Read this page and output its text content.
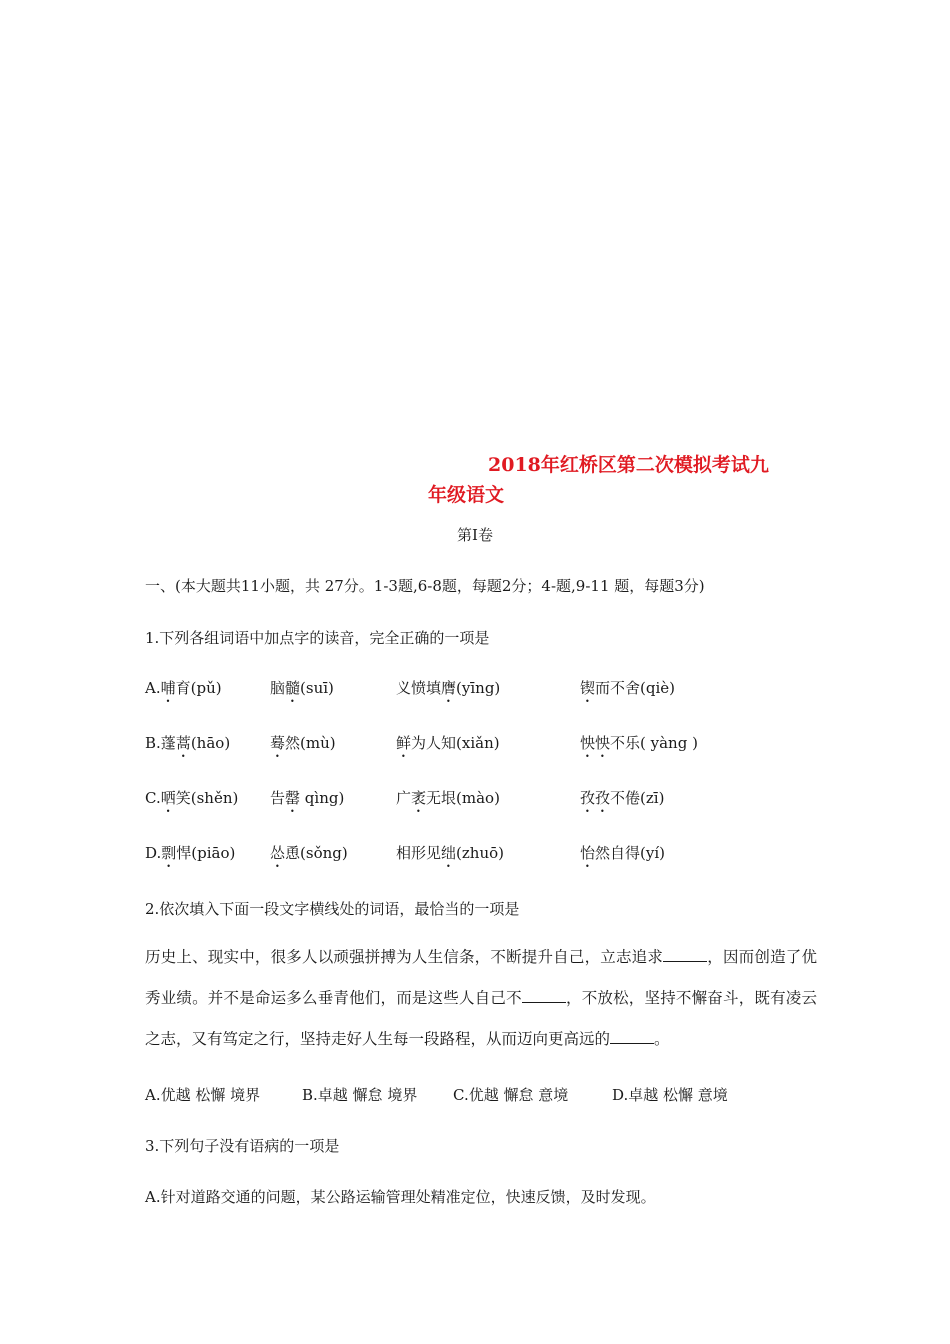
2018年红桥区第二次模拟考试九
年级语文
第I卷
一、(本大题共11小题，共 27分。1-3题,6-8题，每题2分；4-题,9-11 题，每题3分)
1.下列各组词语中加点字的读音，完全正确的一项是
A.哺育(pǔ)	脑髓(suī)	义愤填膺(yīng)	锲而不舍(qiè)
B.蓬蒿(hāo)	蓦然(mù)	鲜为人知(xiǎn)	怏怏不乐( yàng )
C.哂笑(shěn) 告罄 qìng)	广袤无垠(mào)	孜孜不倦(zī)
D.剽悍(piāo) 怂恿(sǒng)	相形见绌(zhuō)	怡然自得(yí)
2.依次填入下面一段文字横线处的词语，最恰当的一项是
历史上、现实中，很多人以顽强拼搏为人生信条，不断提升自己，立志追求	，因而创造了优秀业绩。并不是命运多么垂青他们，而是这些人自己不	，不放松，坚持不懈奋斗，既有凌云之志，又有笃定之行，坚持走好人生每一段路程，从而迈向更高远的	。
A.优越 松懈 境界	B.卓越 懈怠 境界 C.优越 懈怠 意境	D.卓越 松懈 意境
3.下列句子没有语病的一项是
A.针对道路交通的问题，某公路运输管理处精准定位，快速反馈，及时发现。
